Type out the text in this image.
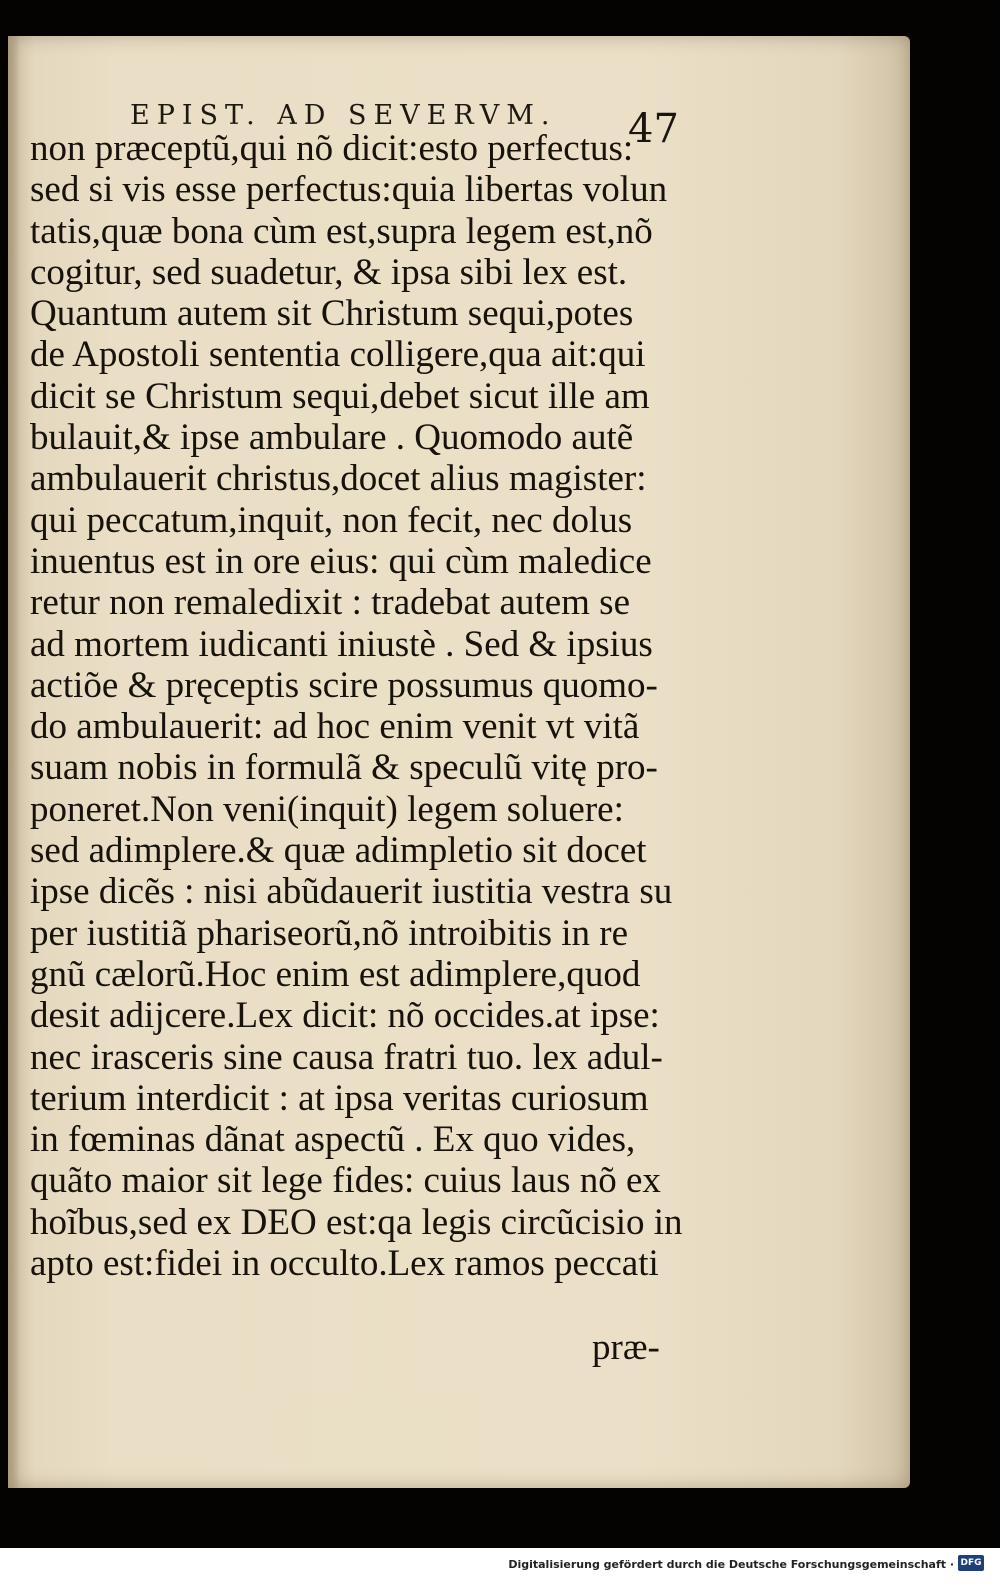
EPIST. AD SEVERVM. 47
non præceptũ,qui nõ dicit:esto perfectus:
sed si vis esse perfectus:quia libertas volun
tatis,quæ bona cùm est,supra legem est,nõ
cogitur, sed suadetur, & ipsa sibi lex est.
Quantum autem sit Christum sequi,potes
de Apostoli sententia colligere,qua ait:qui
dicit se Christum sequi,debet sicut ille am
bulauit,& ipse ambulare . Quomodo autẽ
ambulauerit christus,docet alius magister:
qui peccatum,inquit, non fecit, nec dolus
inuentus est in ore eius: qui cùm maledice
retur non remaledixit : tradebat autem se
ad mortem iudicanti iniustè . Sed & ipsius
actiõe & pręceptis scire possumus quomo-
do ambulauerit: ad hoc enim venit vt vitã
suam nobis in formulã & speculũ vitę pro-
poneret.Non veni(inquit) legem soluere:
sed adimplere.& quæ adimpletio sit docet
ipse dicẽs : nisi abũdauerit iustitia vestra su
per iustitiã phariseorũ,nõ introibitis in re
gnũ cælorũ.Hoc enim est adimplere,quod
desit adijcere.Lex dicit: nõ occides.at ipse:
nec irasceris sine causa fratri tuo. lex adul-
terium interdicit : at ipsa veritas curiosum
in fœminas dãnat aspectũ . Ex quo vides,
quãto maior sit lege fides: cuius laus nõ ex
hoĩbus,sed ex DEO est:qa legis circũcisio in
apto est:fidei in occulto.Lex ramos peccati
præ-
Digitalisierung gefördert durch die Deutsche Forschungsgemeinschaft · DFG
